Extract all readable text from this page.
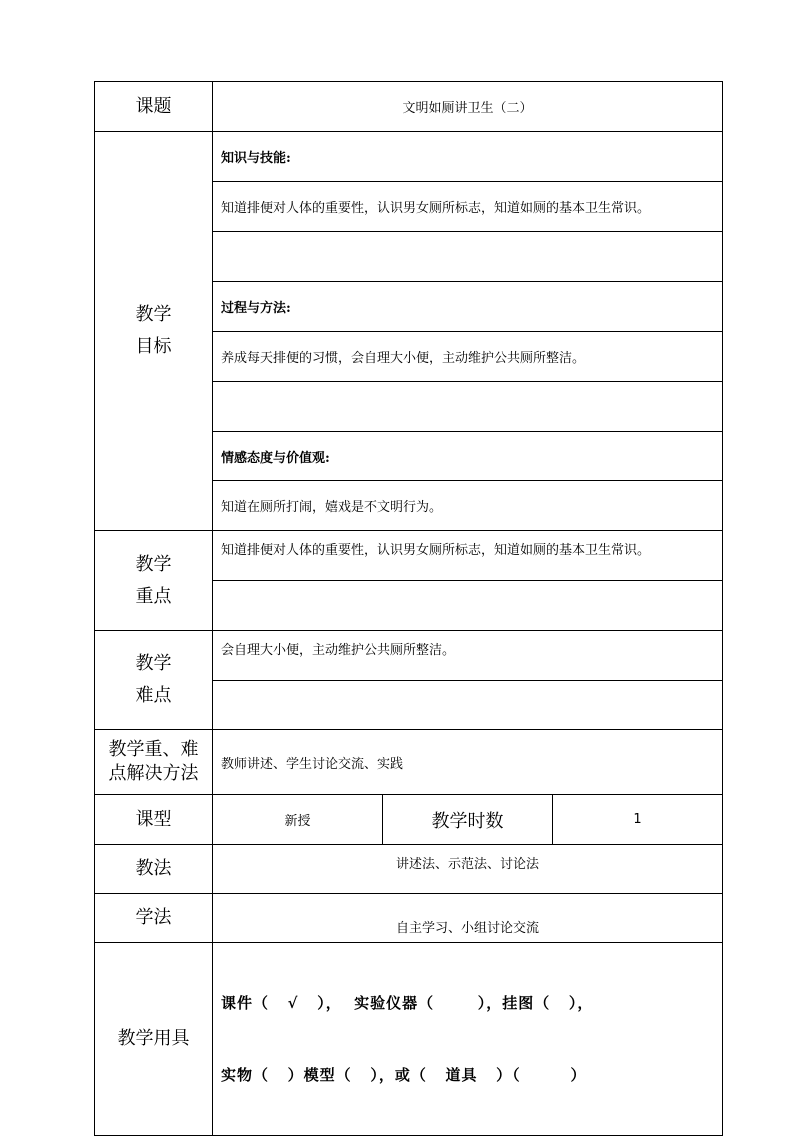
课题	文明如厕讲卫生（二）		

教学
目标	知识与技能:		
	知道排便对人体的重要性，认识男女厕所标志，知道如厕的基本卫生常识。		

	过程与方法:		
	养成每天排便的习惯，会自理大小便，主动维护公共厕所整洁。		

	情感态度与价值观:		
	知道在厕所打闹，嬉戏是不文明行为。		

教学
重点	知道排便对人体的重要性，认识男女厕所标志，知道如厕的基本卫生常识。		

教学
难点	会自理大小便，主动维护公共厕所整洁。		

教学重、难
点解决方法	教师讲述、学生讨论交流、实践		
课型	新授	教学时数	1
教法	讲述法、示范法、讨论法		
学法	自主学习、小组讨论交流		
教学用具	课件（   √   ），  实验仪器（       ），挂图（   ），

实物（   ）模型（   ），或（   道具   ）（        ）		
